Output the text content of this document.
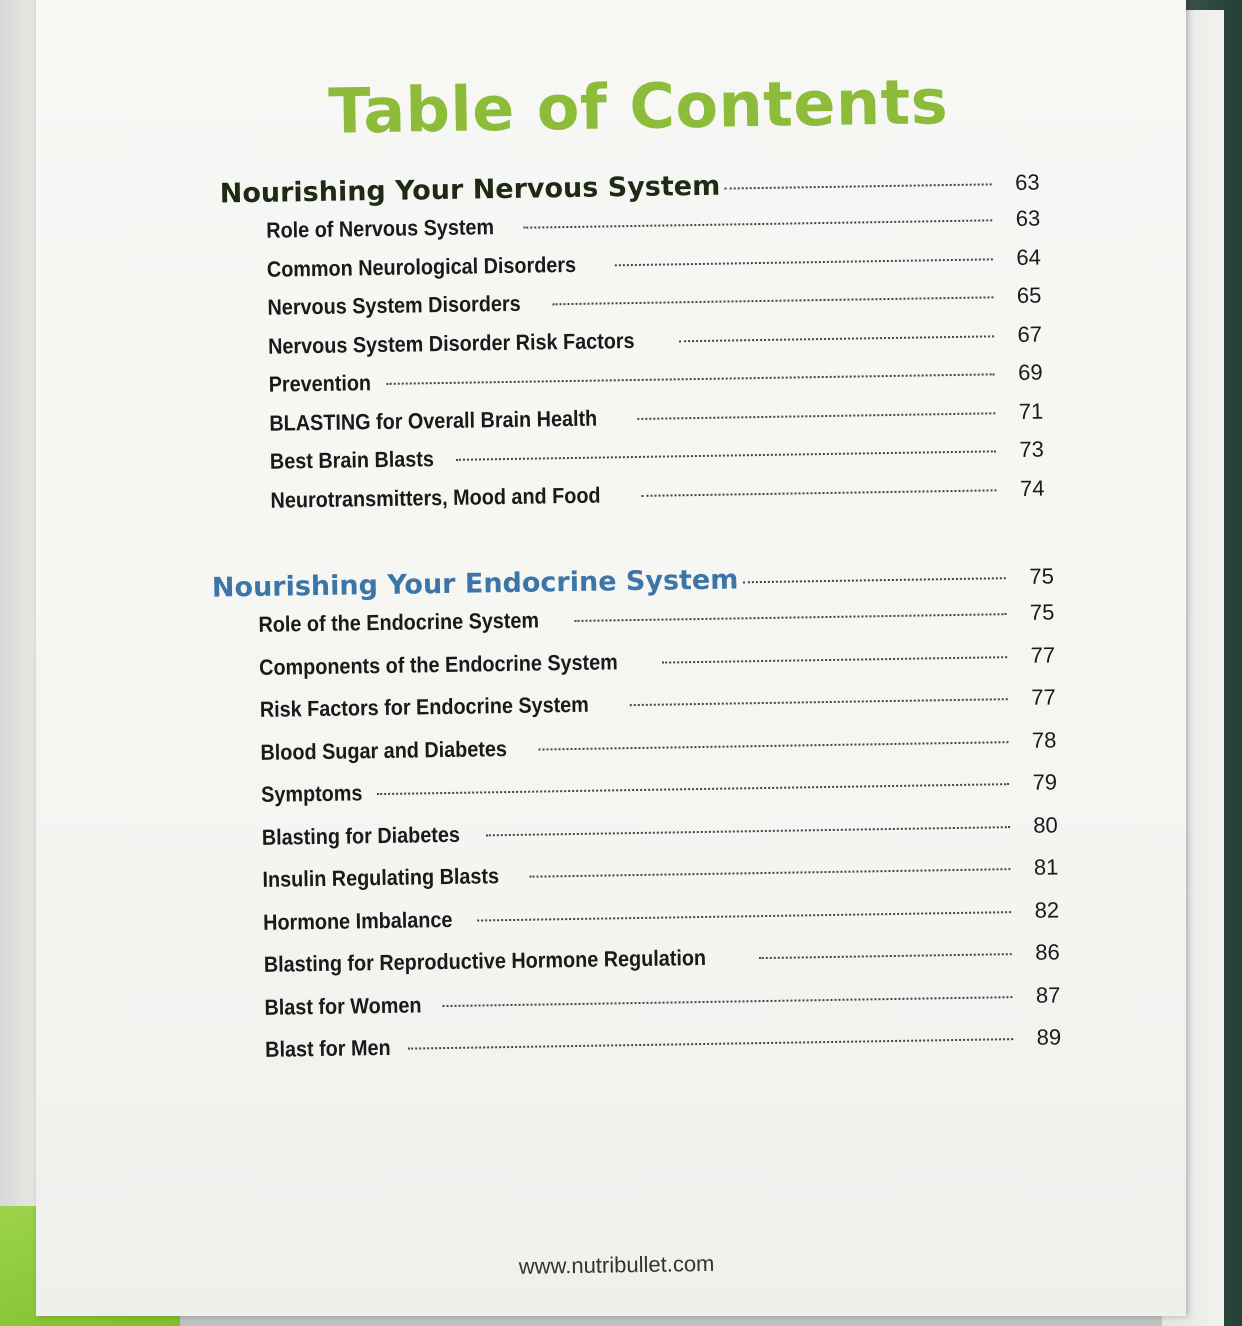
Table of Contents
Nourishing Your Nervous System	63
Role of Nervous System	63
Common Neurological Disorders	64
Nervous System Disorders	65
Nervous System Disorder Risk Factors	67
Prevention	69
BLASTING for Overall Brain Health	71
Best Brain Blasts	73
Neurotransmitters, Mood and Food	74
Nourishing Your Endocrine System	75
Role of the Endocrine System	75
Components of the Endocrine System	77
Risk Factors for Endocrine System	77
Blood Sugar and Diabetes	78
Symptoms	79
Blasting for Diabetes	80
Insulin Regulating Blasts	81
Hormone Imbalance	82
Blasting for Reproductive Hormone Regulation	86
Blast for Women	87
Blast for Men	89
www.nutribullet.com
